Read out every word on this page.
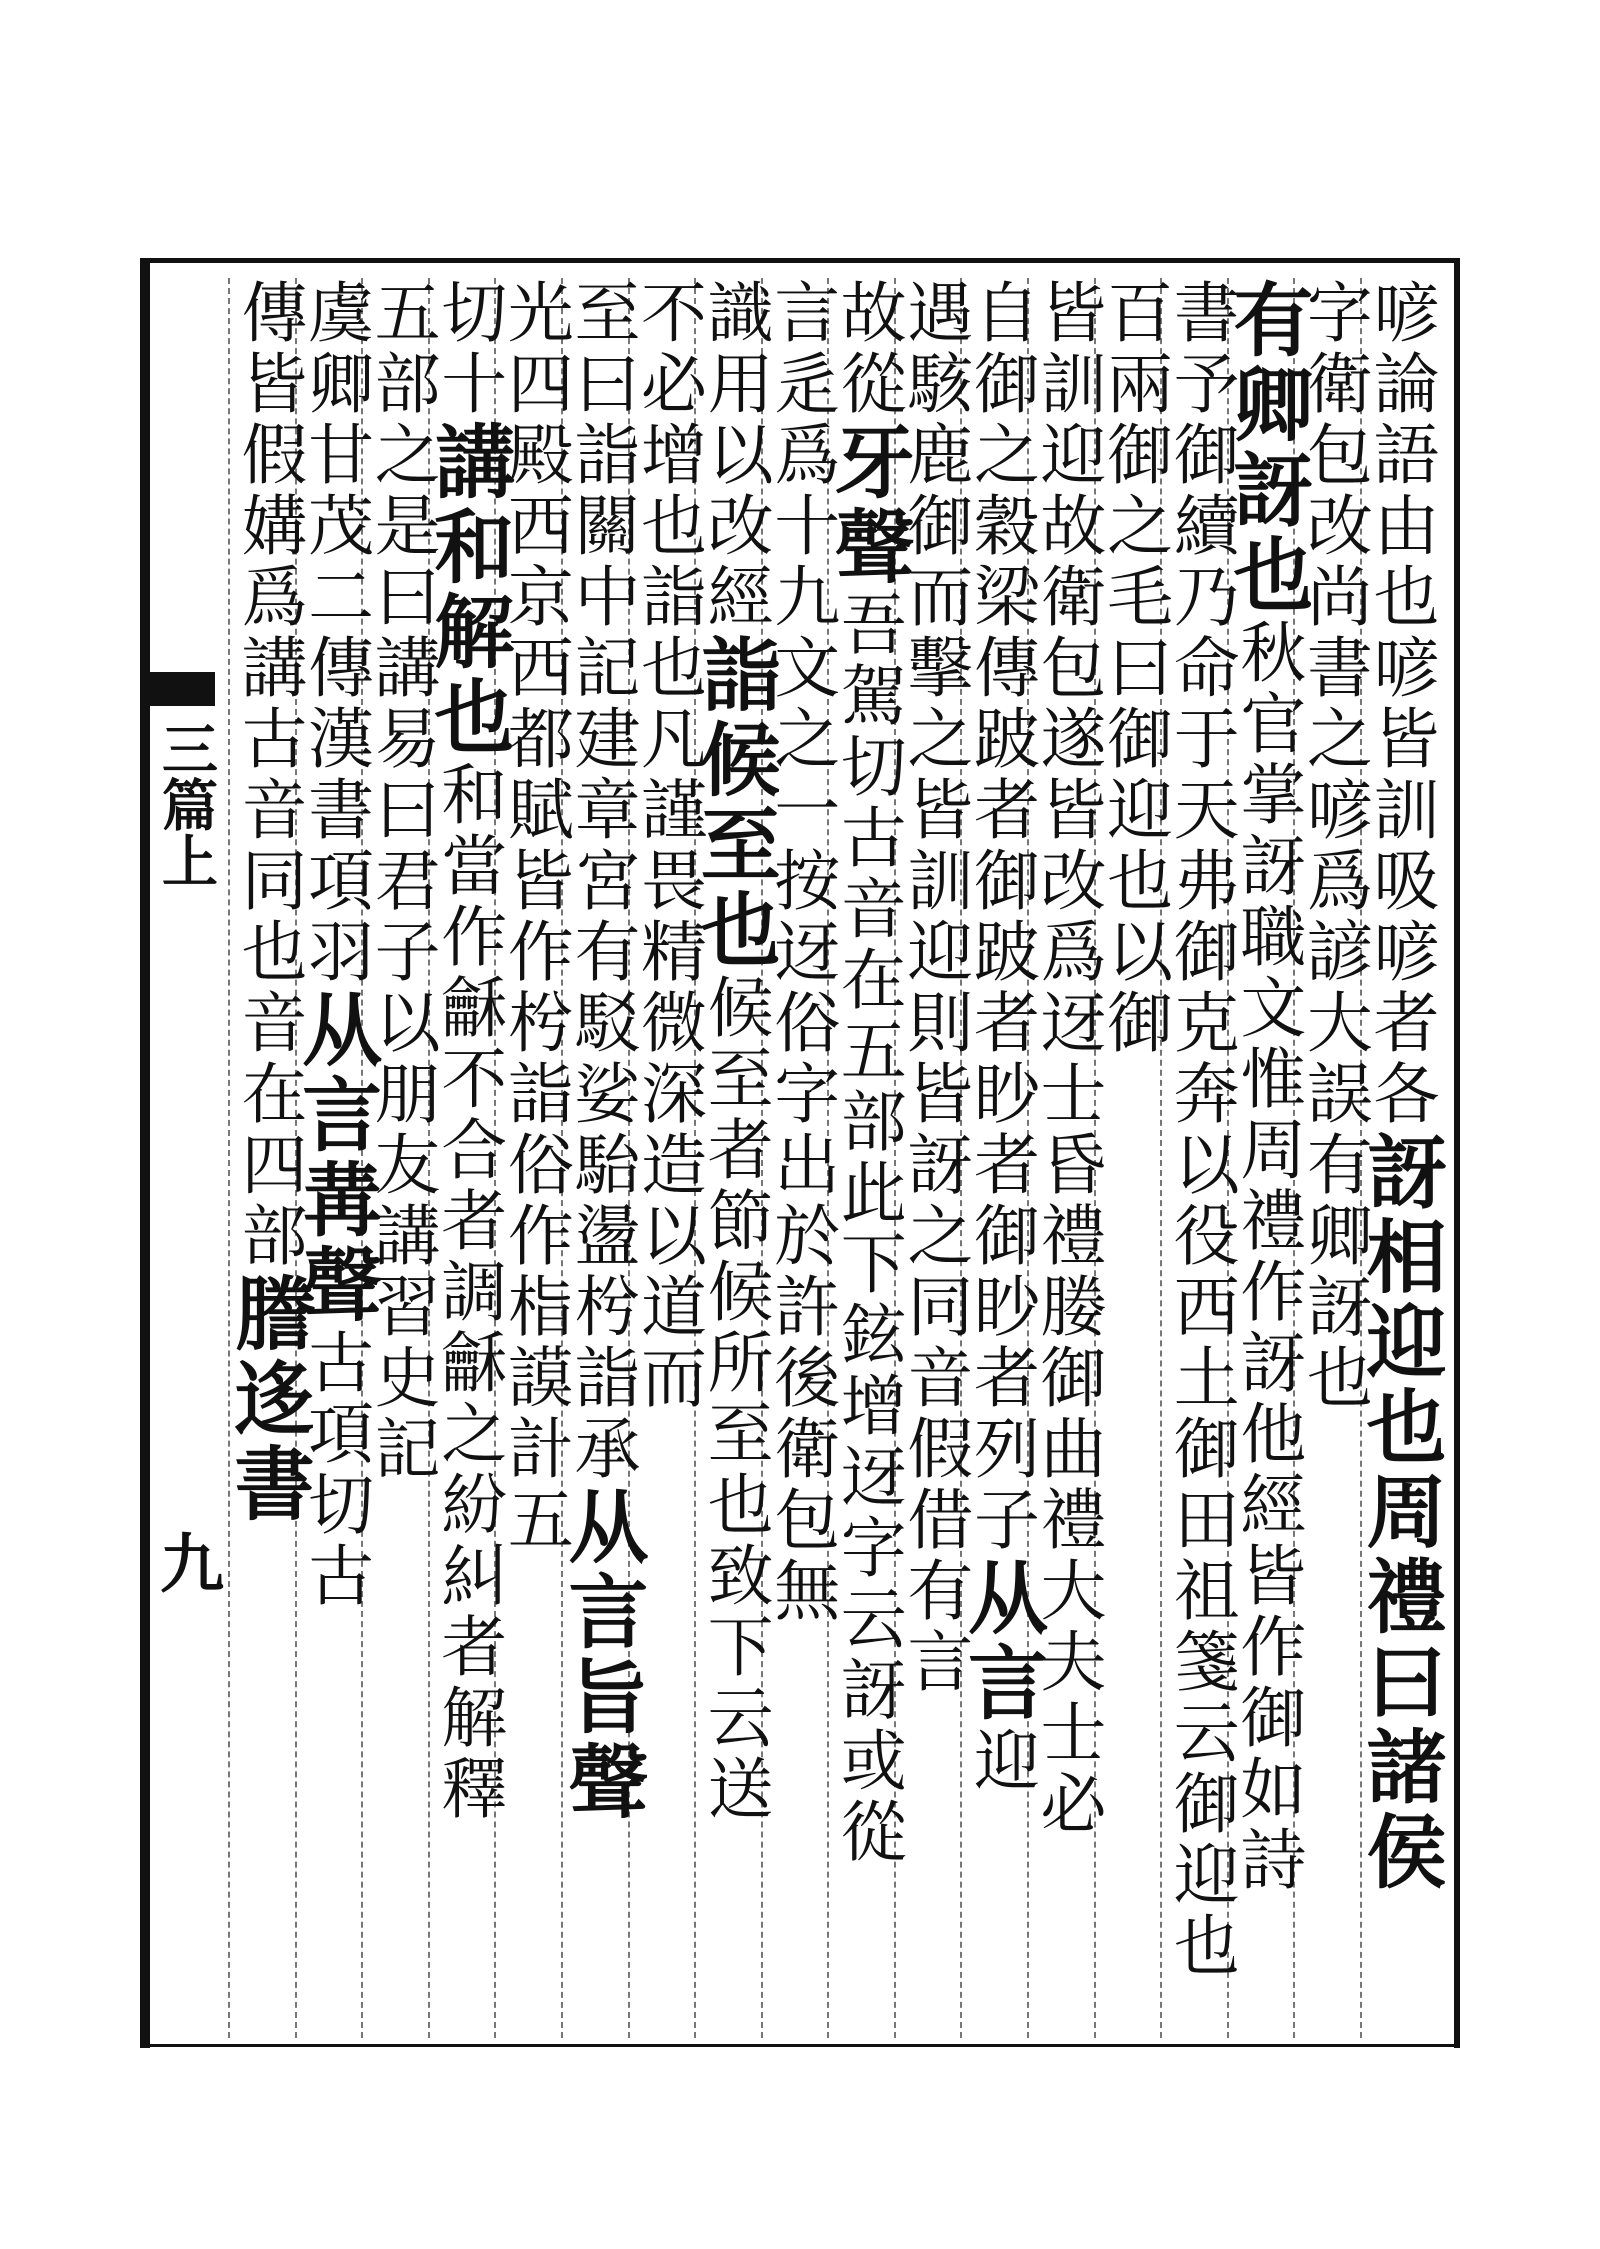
三篇上
九
喭論語由也喭皆訓吸喭者各訝相迎也周禮曰諸侯
字衛包改尚書之喭爲諺大誤有卿訝也
有卿訝也秋官掌訝職文惟周禮作訝他經皆作御如詩
書予御續乃命于天弗御克奔以役西土御田祖箋云御迎也
百兩御之毛曰御迎也以御
皆訓迎故衛包遂皆改爲迓士昏禮媵御曲禮大夫士必
自御之穀梁傳跛者御跛者眇者御眇者列子从言迎
遇駭鹿御而擊之皆訓迎則皆訝之同音假借有言
故從牙聲吾駕切古音在五部此下鉉增迓字云訝或從
言辵爲十九文之一按迓俗字出於許後衛包無
識用以改經詣候至也候至者節候所至也致下云送
不必增也詣也凡謹畏精微深造以道而
至曰詣關中記建章宮有駁娑駘盪枍詣承从言旨聲
光四殿西京西都賦皆作枍詣俗作栺謨計五
切十講和解也和當作龢不合者調龢之紛糾者解釋
五部之是曰講易曰君子以朋友講習史記
虞卿甘茂二傳漢書項羽从言冓聲古項切古
傳皆假媾爲講古音同也音在四部謄迻書
